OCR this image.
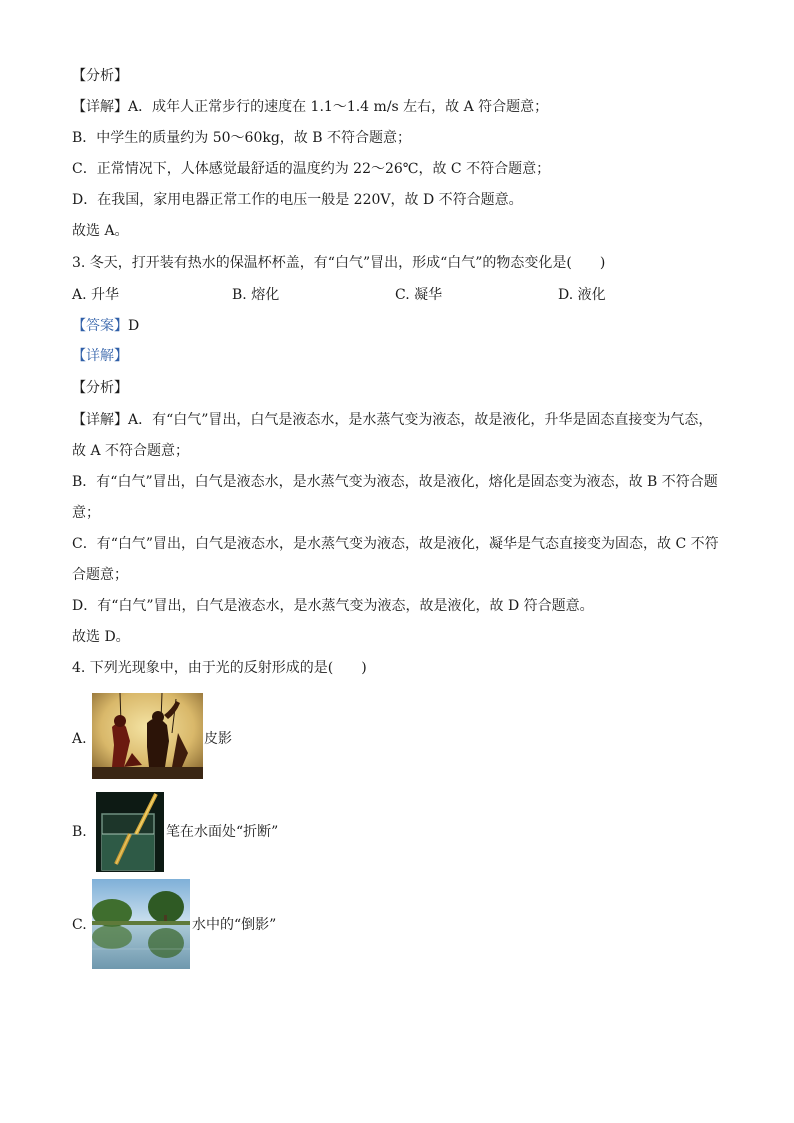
【分析】
【详解】A．成年人正常步行的速度在 1.1～1.4 m/s 左右，故 A 符合题意；
B．中学生的质量约为 50～60kg，故 B 不符合题意；
C．正常情况下，人体感觉最舒适的温度约为 22～26℃，故 C 不符合题意；
D．在我国，家用电器正常工作的电压一般是 220V，故 D 不符合题意。
故选 A。
3. 冬天，打开装有热水的保温杯杯盖，有“白气”冒出，形成“白气”的物态变化是(　　)
A. 升华	B. 熔化	C. 凝华	D. 液化
【答案】D
【详解】
【分析】
【详解】A．有“白气”冒出，白气是液态水，是水蒸气变为液态，故是液化，升华是固态直接变为气态，
故 A 不符合题意；
B．有“白气”冒出，白气是液态水，是水蒸气变为液态，故是液化，熔化是固态变为液态，故 B 不符合题
意；
C．有“白气”冒出，白气是液态水，是水蒸气变为液态，故是液化，凝华是气态直接变为固态，故 C 不符
合题意；
D．有“白气”冒出，白气是液态水，是水蒸气变为液态，故是液化，故 D 符合题意。
故选 D。
4. 下列光现象中，由于光的反射形成的是(　　)
A.	皮影
B.	笔在水面处“折断”
C.	水中的“倒影”
